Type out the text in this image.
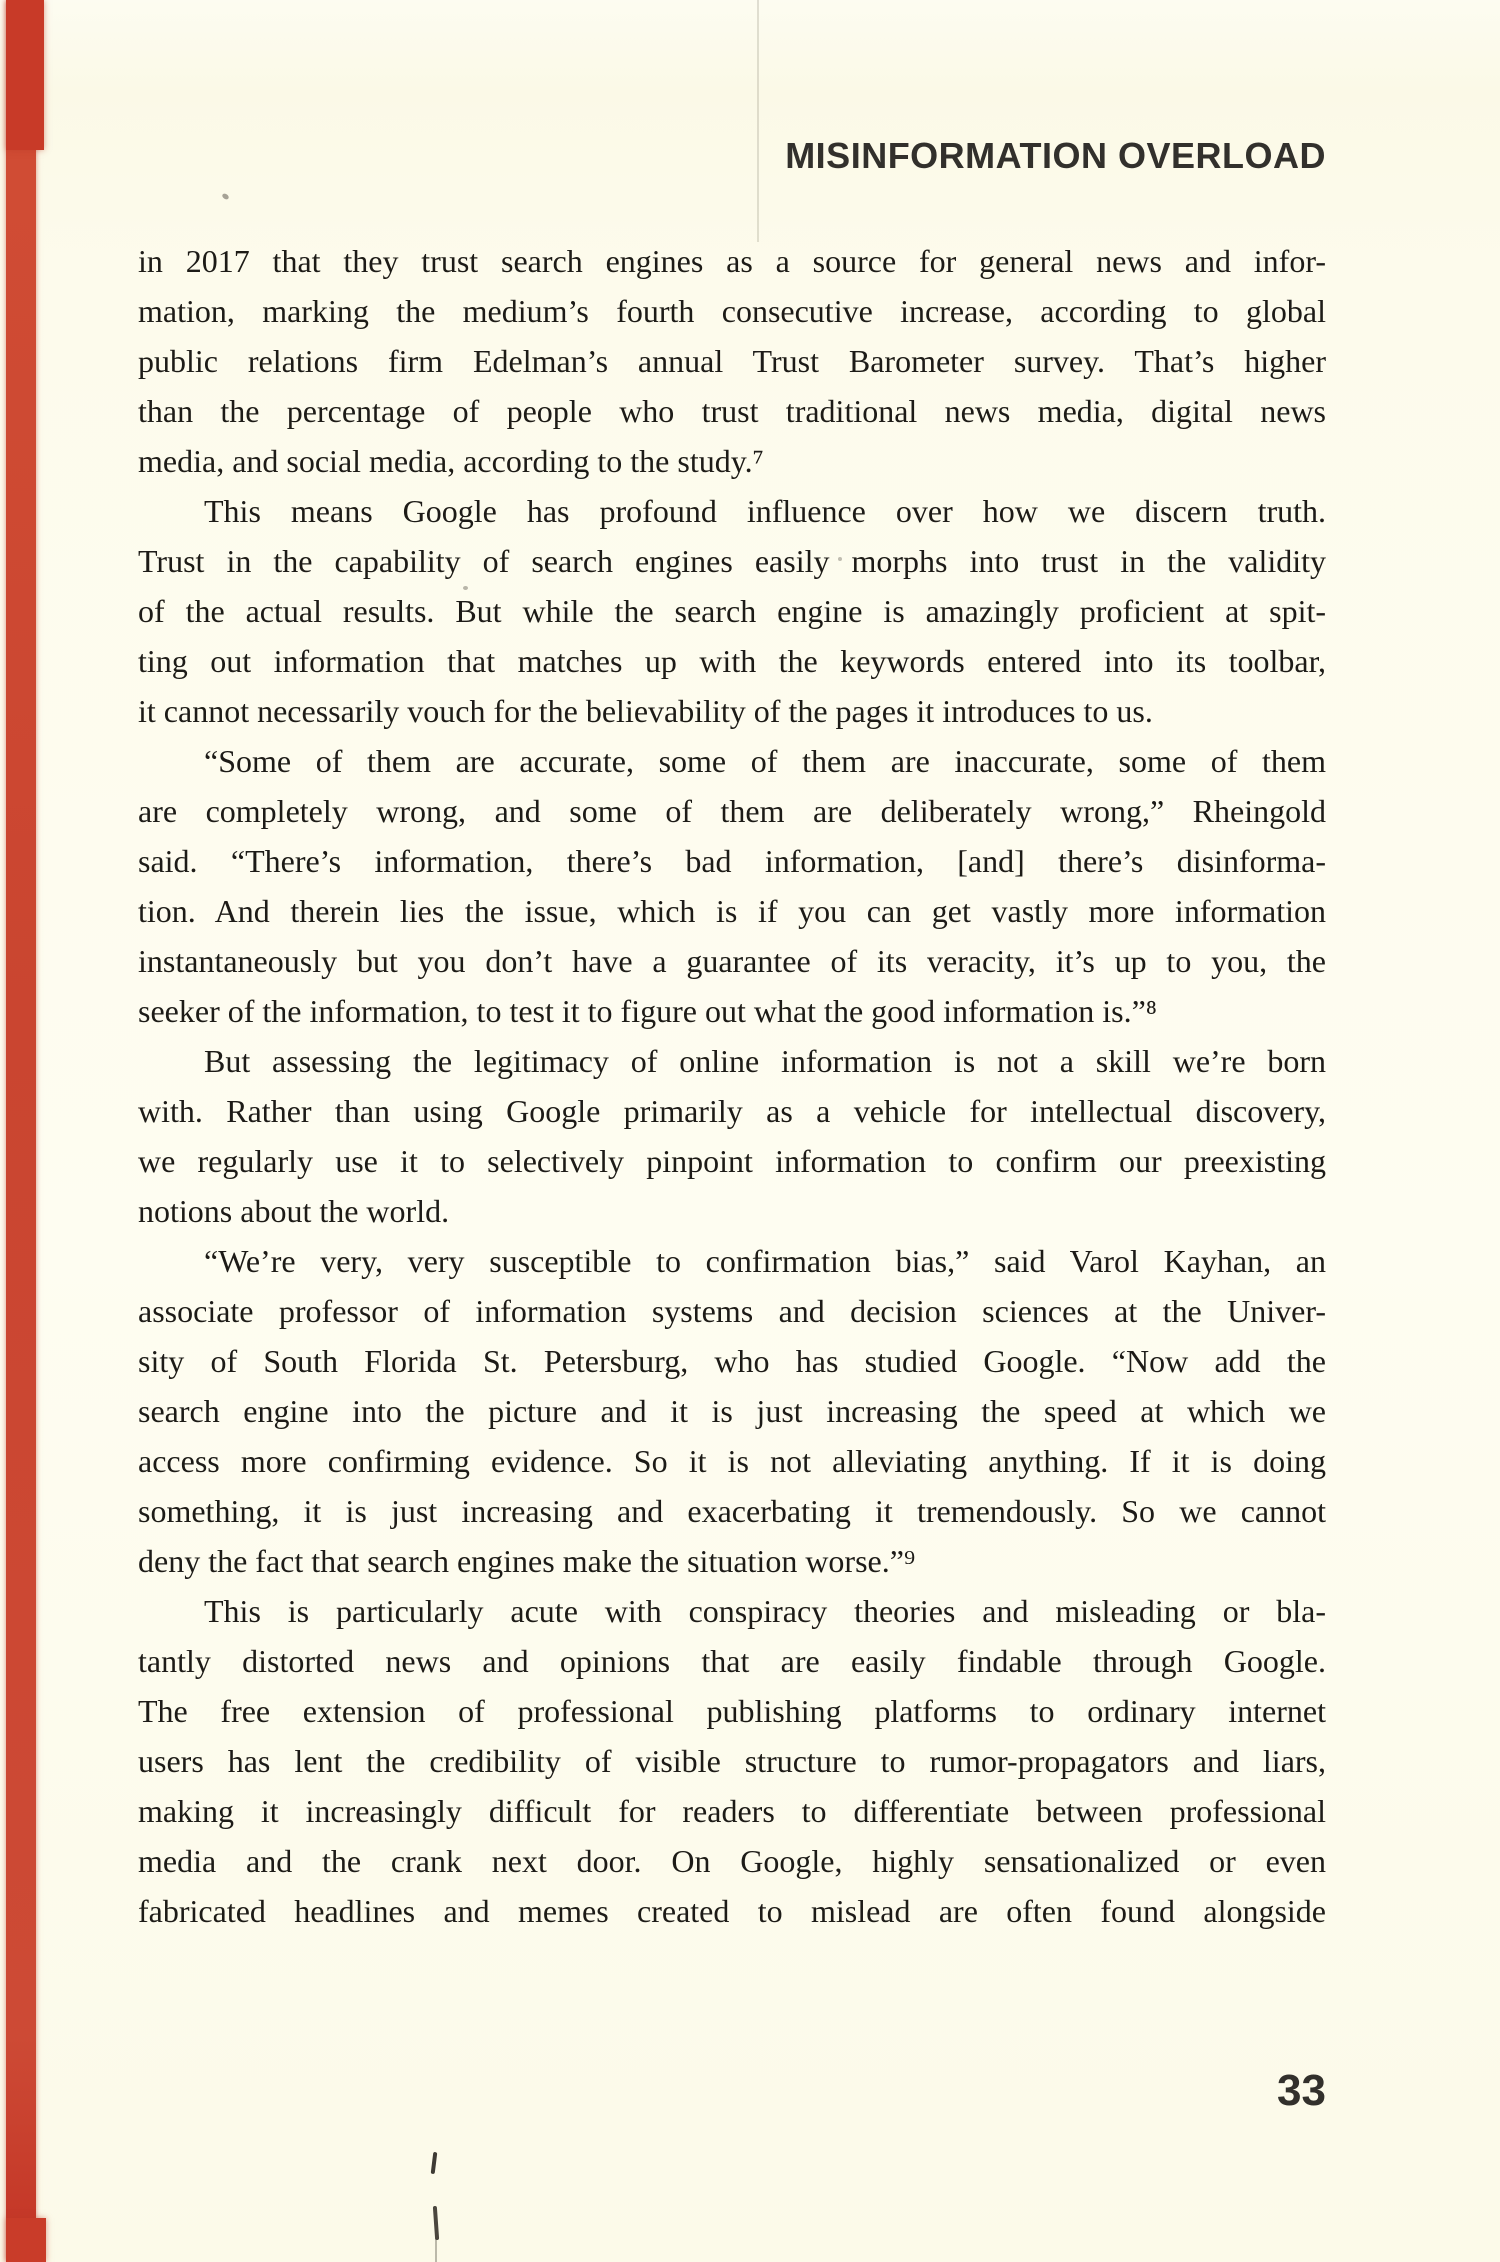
MISINFORMATION OVERLOAD
in 2017 that they trust search engines as a source for general news and infor-
mation, marking the medium’s fourth consecutive increase, according to global
public relations firm Edelman’s annual Trust Barometer survey. That’s higher
than the percentage of people who trust traditional news media, digital news
media, and social media, according to the study.⁷
This means Google has profound influence over how we discern truth.
Trust in the capability of search engines easily morphs into trust in the validity
of the actual results. But while the search engine is amazingly proficient at spit-
ting out information that matches up with the keywords entered into its toolbar,
it cannot necessarily vouch for the believability of the pages it introduces to us.
“Some of them are accurate, some of them are inaccurate, some of them
are completely wrong, and some of them are deliberately wrong,” Rheingold
said. “There’s information, there’s bad information, [and] there’s disinforma-
tion. And therein lies the issue, which is if you can get vastly more information
instantaneously but you don’t have a guarantee of its veracity, it’s up to you, the
seeker of the information, to test it to figure out what the good information is.”⁸
But assessing the legitimacy of online information is not a skill we’re born
with. Rather than using Google primarily as a vehicle for intellectual discovery,
we regularly use it to selectively pinpoint information to confirm our preexisting
notions about the world.
“We’re very, very susceptible to confirmation bias,” said Varol Kayhan, an
associate professor of information systems and decision sciences at the Univer-
sity of South Florida St. Petersburg, who has studied Google. “Now add the
search engine into the picture and it is just increasing the speed at which we
access more confirming evidence. So it is not alleviating anything. If it is doing
something, it is just increasing and exacerbating it tremendously. So we cannot
deny the fact that search engines make the situation worse.”⁹
This is particularly acute with conspiracy theories and misleading or bla-
tantly distorted news and opinions that are easily findable through Google.
The free extension of professional publishing platforms to ordinary internet
users has lent the credibility of visible structure to rumor-propagators and liars,
making it increasingly difficult for readers to differentiate between professional
media and the crank next door. On Google, highly sensationalized or even
fabricated headlines and memes created to mislead are often found alongside
33
